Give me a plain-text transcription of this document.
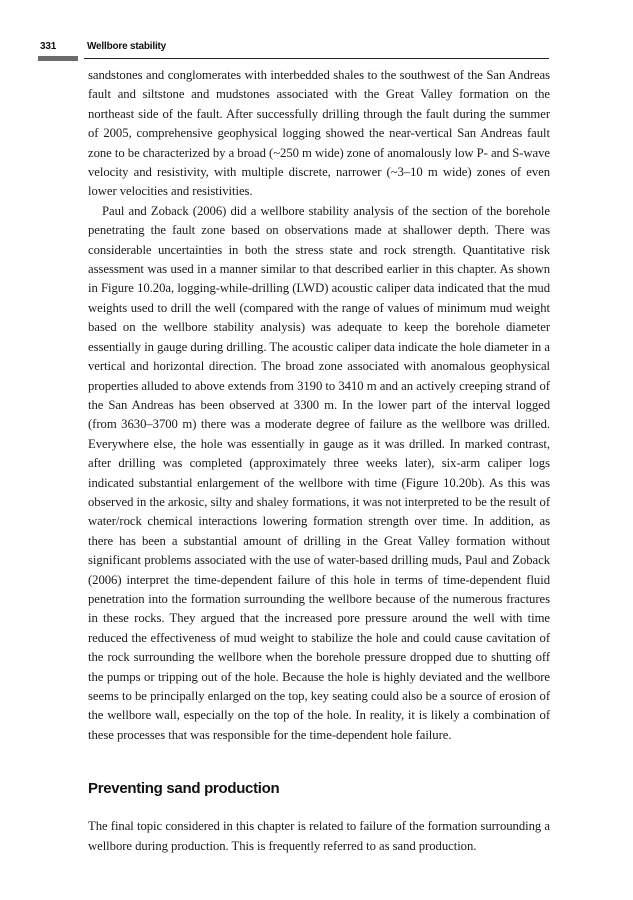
331	Wellbore stability

sandstones and conglomerates with interbedded shales to the southwest of the San Andreas fault and siltstone and mudstones associated with the Great Valley formation on the northeast side of the fault. After successfully drilling through the fault during the summer of 2005, comprehensive geophysical logging showed the near-vertical San Andreas fault zone to be characterized by a broad (~250 m wide) zone of anomalously low P- and S-wave velocity and resistivity, with multiple discrete, narrower (~3–10 m wide) zones of even lower velocities and resistivities.

Paul and Zoback (2006) did a wellbore stability analysis of the section of the borehole penetrating the fault zone based on observations made at shallower depth. There was considerable uncertainties in both the stress state and rock strength. Quantitative risk assessment was used in a manner similar to that described earlier in this chapter. As shown in Figure 10.20a, logging-while-drilling (LWD) acoustic caliper data indicated that the mud weights used to drill the well (compared with the range of values of minimum mud weight based on the wellbore stability analysis) was adequate to keep the borehole diameter essentially in gauge during drilling. The acoustic caliper data indicate the hole diameter in a vertical and horizontal direction. The broad zone associated with anomalous geophysical properties alluded to above extends from 3190 to 3410 m and an actively creeping strand of the San Andreas has been observed at 3300 m. In the lower part of the interval logged (from 3630–3700 m) there was a moderate degree of failure as the wellbore was drilled. Everywhere else, the hole was essentially in gauge as it was drilled. In marked contrast, after drilling was completed (approximately three weeks later), six-arm caliper logs indicated substantial enlargement of the wellbore with time (Figure 10.20b). As this was observed in the arkosic, silty and shaley formations, it was not interpreted to be the result of water/rock chemical interactions lowering formation strength over time. In addition, as there has been a substantial amount of drilling in the Great Valley formation without significant problems associated with the use of water-based drilling muds, Paul and Zoback (2006) interpret the time-dependent failure of this hole in terms of time-dependent fluid penetration into the formation surrounding the wellbore because of the numerous fractures in these rocks. They argued that the increased pore pressure around the well with time reduced the effectiveness of mud weight to stabilize the hole and could cause cavitation of the rock surrounding the wellbore when the borehole pressure dropped due to shutting off the pumps or tripping out of the hole. Because the hole is highly deviated and the wellbore seems to be principally enlarged on the top, key seating could also be a source of erosion of the wellbore wall, especially on the top of the hole. In reality, it is likely a combination of these processes that was responsible for the time-dependent hole failure.

Preventing sand production

The final topic considered in this chapter is related to failure of the formation surrounding a wellbore during production. This is frequently referred to as sand production.
